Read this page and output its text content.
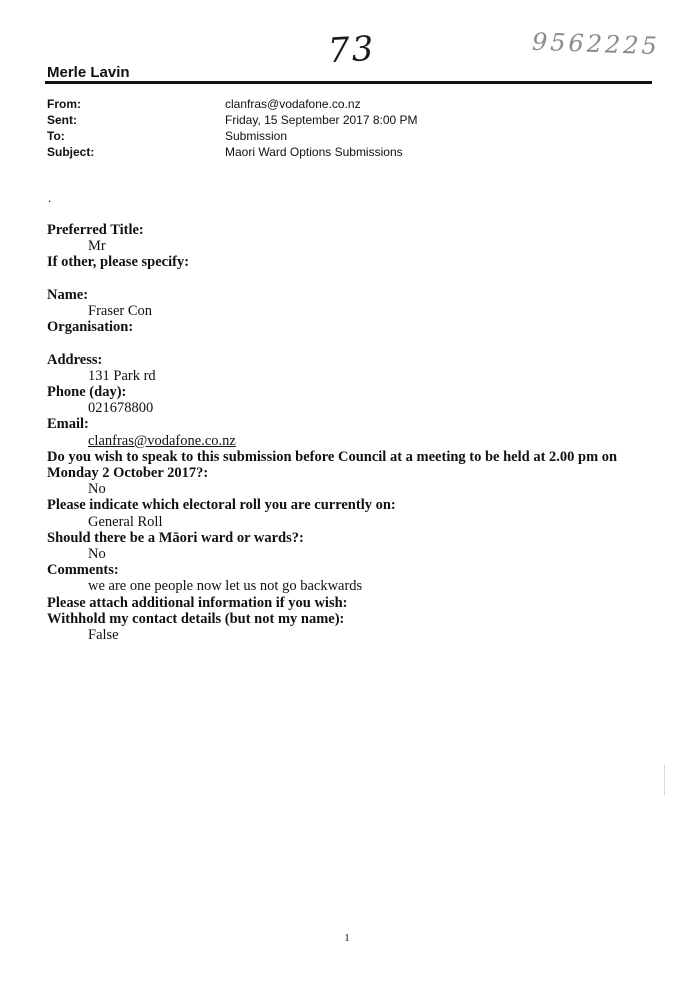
73	9562225
Merle Lavin
From:	clanfras@vodafone.co.nz
Sent:	Friday, 15 September 2017 8:00 PM
To:	Submission
Subject:	Maori Ward Options Submissions
.
Preferred Title:
Mr
If other, please specify:
Name:
Fraser Con
Organisation:
Address:
131 Park rd
Phone (day):
021678800
Email:
clanfras@vodafone.co.nz
Do you wish to speak to this submission before Council at a meeting to be held at 2.00 pm on Monday 2 October 2017?:
No
Please indicate which electoral roll you are currently on:
General Roll
Should there be a Māori ward or wards?:
No
Comments:
we are one people now let us not go backwards
Please attach additional information if you wish:
Withhold my contact details (but not my name):
False
1
